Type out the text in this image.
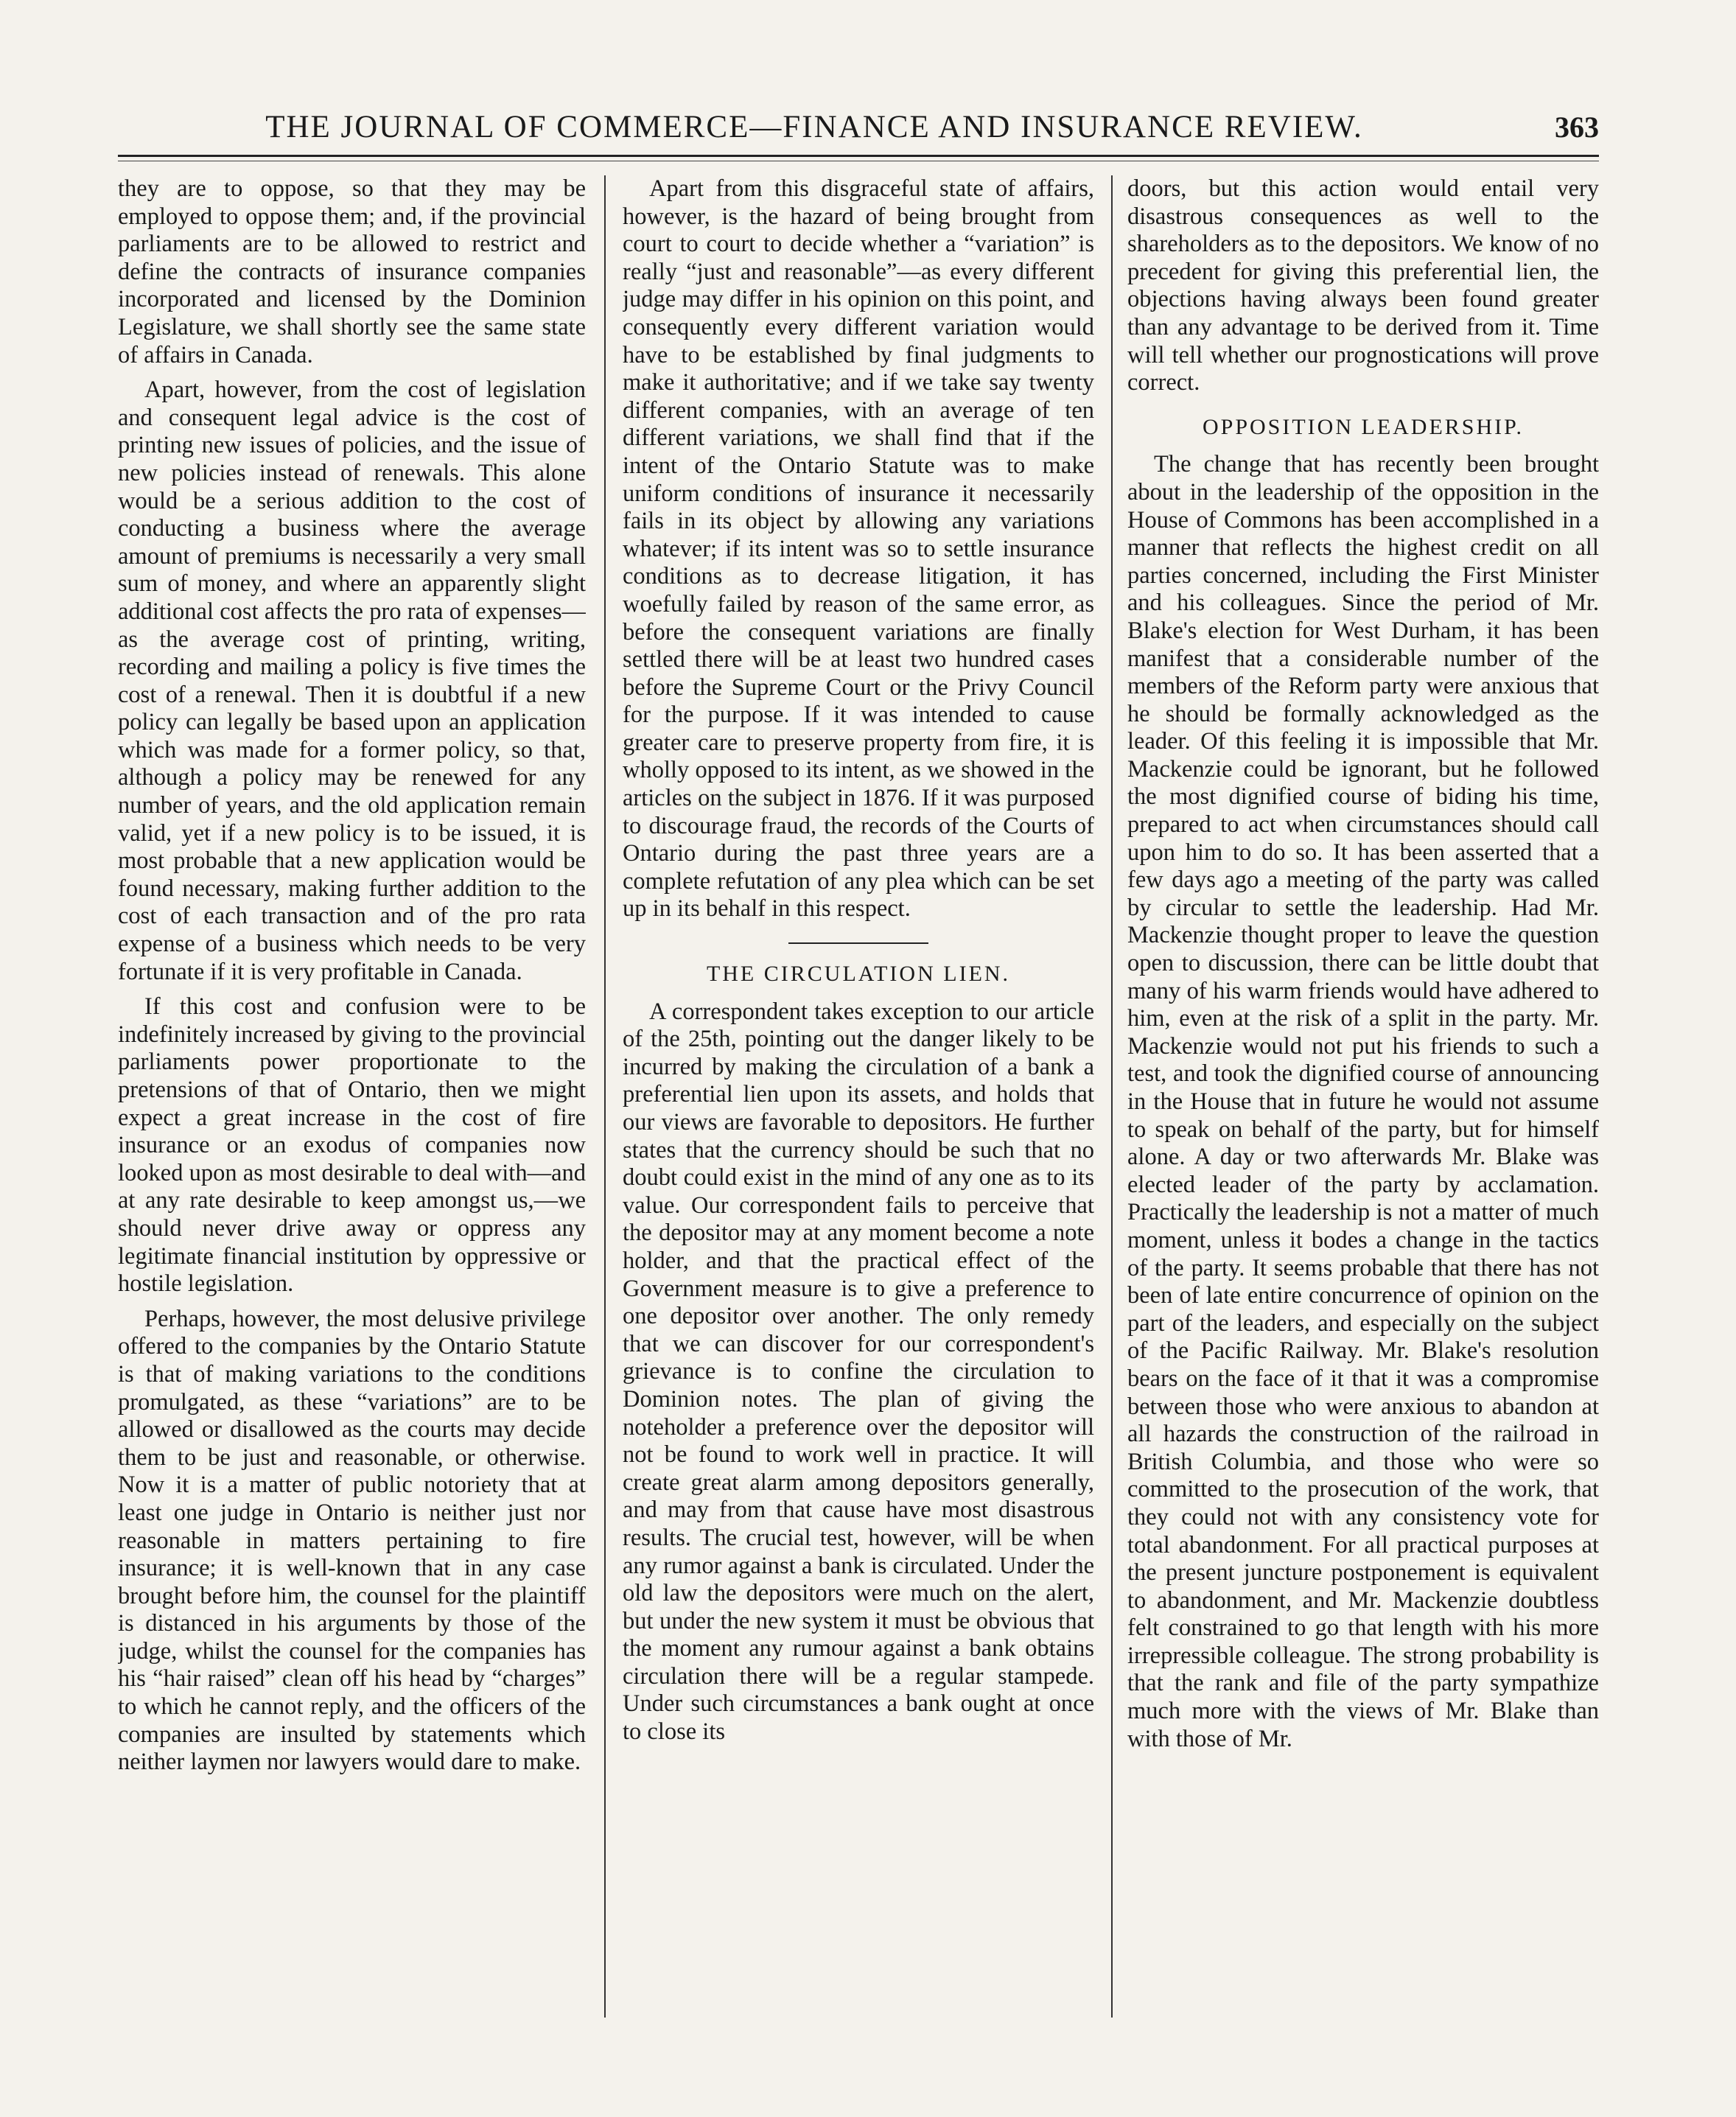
THE JOURNAL OF COMMERCE—FINANCE AND INSURANCE REVIEW.	363

they are to oppose, so that they may be employed to oppose them; and, if the provincial parliaments are to be allowed to restrict and define the contracts of insurance companies incorporated and licensed by the Dominion Legislature, we shall shortly see the same state of affairs in Canada.

Apart, however, from the cost of legislation and consequent legal advice is the cost of printing new issues of policies, and the issue of new policies instead of renewals. This alone would be a serious addition to the cost of conducting a business where the average amount of premiums is necessarily a very small sum of money, and where an apparently slight additional cost affects the pro rata of expenses—as the average cost of printing, writing, recording and mailing a policy is five times the cost of a renewal. Then it is doubtful if a new policy can legally be based upon an application which was made for a former policy, so that, although a policy may be renewed for any number of years, and the old application remain valid, yet if a new policy is to be issued, it is most probable that a new application would be found necessary, making further addition to the cost of each transaction and of the pro rata expense of a business which needs to be very fortunate if it is very profitable in Canada.

If this cost and confusion were to be indefinitely increased by giving to the provincial parliaments power proportionate to the pretensions of that of Ontario, then we might expect a great increase in the cost of fire insurance or an exodus of companies now looked upon as most desirable to deal with—and at any rate desirable to keep amongst us,—we should never drive away or oppress any legitimate financial institution by oppressive or hostile legislation.

Perhaps, however, the most delusive privilege offered to the companies by the Ontario Statute is that of making variations to the conditions promulgated, as these “variations” are to be allowed or disallowed as the courts may decide them to be just and reasonable, or otherwise. Now it is a matter of public notoriety that at least one judge in Ontario is neither just nor reasonable in matters pertaining to fire insurance; it is well-known that in any case brought before him, the counsel for the plaintiff is distanced in his arguments by those of the judge, whilst the counsel for the companies has his “hair raised” clean off his head by “charges” to which he cannot reply, and the officers of the companies are insulted by statements which neither laymen nor lawyers would dare to make.

Apart from this disgraceful state of affairs, however, is the hazard of being brought from court to court to decide whether a “variation” is really “just and reasonable”—as every different judge may differ in his opinion on this point, and consequently every different variation would have to be established by final judgments to make it authoritative; and if we take say twenty different companies, with an average of ten different variations, we shall find that if the intent of the Ontario Statute was to make uniform conditions of insurance it necessarily fails in its object by allowing any variations whatever; if its intent was so to settle insurance conditions as to decrease litigation, it has woefully failed by reason of the same error, as before the consequent variations are finally settled there will be at least two hundred cases before the Supreme Court or the Privy Council for the purpose. If it was intended to cause greater care to preserve property from fire, it is wholly opposed to its intent, as we showed in the articles on the subject in 1876. If it was purposed to discourage fraud, the records of the Courts of Ontario during the past three years are a complete refutation of any plea which can be set up in its behalf in this respect.

THE CIRCULATION LIEN.

A correspondent takes exception to our article of the 25th, pointing out the danger likely to be incurred by making the circulation of a bank a preferential lien upon its assets, and holds that our views are favorable to depositors. He further states that the currency should be such that no doubt could exist in the mind of any one as to its value. Our correspondent fails to perceive that the depositor may at any moment become a note holder, and that the practical effect of the Government measure is to give a preference to one depositor over another. The only remedy that we can discover for our correspondent's grievance is to confine the circulation to Dominion notes. The plan of giving the noteholder a preference over the depositor will not be found to work well in practice. It will create great alarm among depositors generally, and may from that cause have most disastrous results. The crucial test, however, will be when any rumor against a bank is circulated. Under the old law the depositors were much on the alert, but under the new system it must be obvious that the moment any rumour against a bank obtains circulation there will be a regular stampede. Under such circumstances a bank ought at once to close its

doors, but this action would entail very disastrous consequences as well to the shareholders as to the depositors. We know of no precedent for giving this preferential lien, the objections having always been found greater than any advantage to be derived from it. Time will tell whether our prognostications will prove correct.

OPPOSITION LEADERSHIP.

The change that has recently been brought about in the leadership of the opposition in the House of Commons has been accomplished in a manner that reflects the highest credit on all parties concerned, including the First Minister and his colleagues. Since the period of Mr. Blake's election for West Durham, it has been manifest that a considerable number of the members of the Reform party were anxious that he should be formally acknowledged as the leader. Of this feeling it is impossible that Mr. Mackenzie could be ignorant, but he followed the most dignified course of biding his time, prepared to act when circumstances should call upon him to do so. It has been asserted that a few days ago a meeting of the party was called by circular to settle the leadership. Had Mr. Mackenzie thought proper to leave the question open to discussion, there can be little doubt that many of his warm friends would have adhered to him, even at the risk of a split in the party. Mr. Mackenzie would not put his friends to such a test, and took the dignified course of announcing in the House that in future he would not assume to speak on behalf of the party, but for himself alone. A day or two afterwards Mr. Blake was elected leader of the party by acclamation. Practically the leadership is not a matter of much moment, unless it bodes a change in the tactics of the party. It seems probable that there has not been of late entire concurrence of opinion on the part of the leaders, and especially on the subject of the Pacific Railway. Mr. Blake's resolution bears on the face of it that it was a compromise between those who were anxious to abandon at all hazards the construction of the railroad in British Columbia, and those who were so committed to the prosecution of the work, that they could not with any consistency vote for total abandonment. For all practical purposes at the present juncture postponement is equivalent to abandonment, and Mr. Mackenzie doubtless felt constrained to go that length with his more irrepressible colleague. The strong probability is that the rank and file of the party sympathize much more with the views of Mr. Blake than with those of Mr.
